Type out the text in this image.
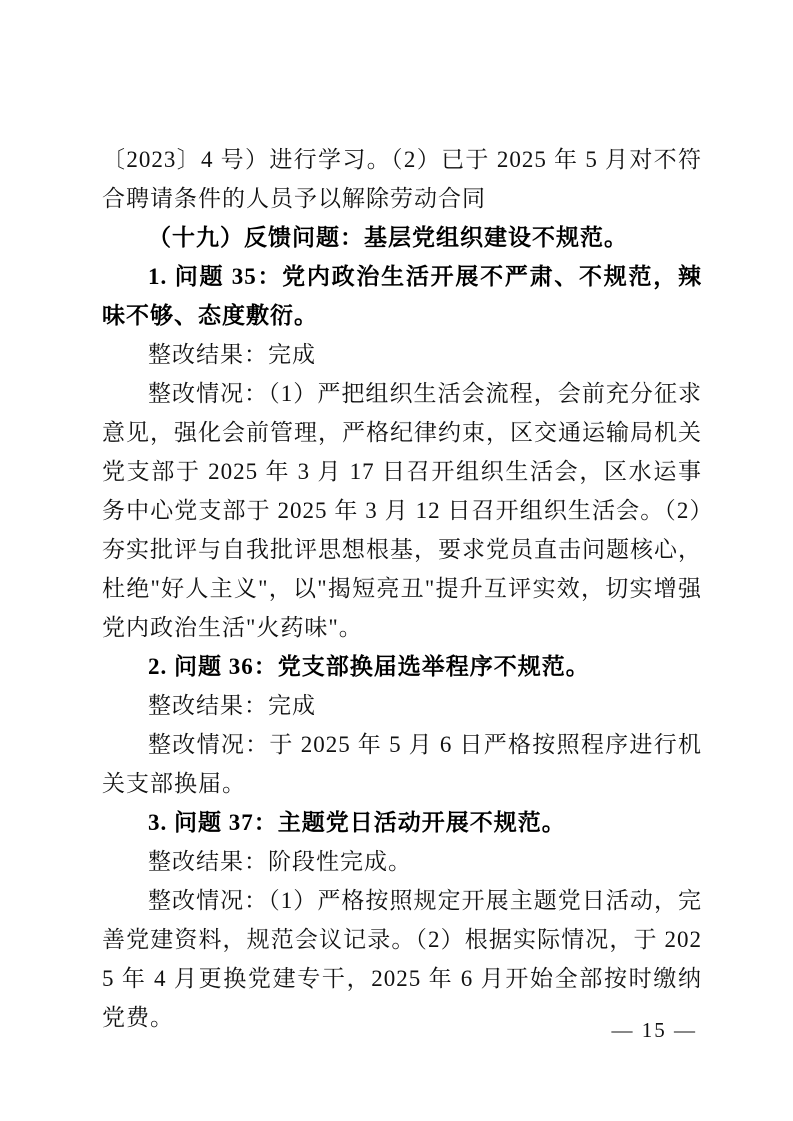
〔2023〕4 号）进行学习。（2）已于 2025 年 5 月对不符合聘请条件的人员予以解除劳动合同

（十九）反馈问题：基层党组织建设不规范。

1. 问题 35：党内政治生活开展不严肃、不规范，辣味不够、态度敷衍。

整改结果：完成

整改情况：（1）严把组织生活会流程，会前充分征求意见，强化会前管理，严格纪律约束，区交通运输局机关党支部于 2025 年 3 月 17 日召开组织生活会，区水运事务中心党支部于 2025 年 3 月 12 日召开组织生活会。（2）夯实批评与自我批评思想根基，要求党员直击问题核心，杜绝"好人主义"，以"揭短亮丑"提升互评实效，切实增强党内政治生活"火药味"。

2. 问题 36：党支部换届选举程序不规范。

整改结果：完成

整改情况：于 2025 年 5 月 6 日严格按照程序进行机关支部换届。

3. 问题 37：主题党日活动开展不规范。

整改结果：阶段性完成。

整改情况：（1）严格按照规定开展主题党日活动，完善党建资料，规范会议记录。（2）根据实际情况，于 2025 年 4 月更换党建专干，2025 年 6 月开始全部按时缴纳党费。	— 15 —
